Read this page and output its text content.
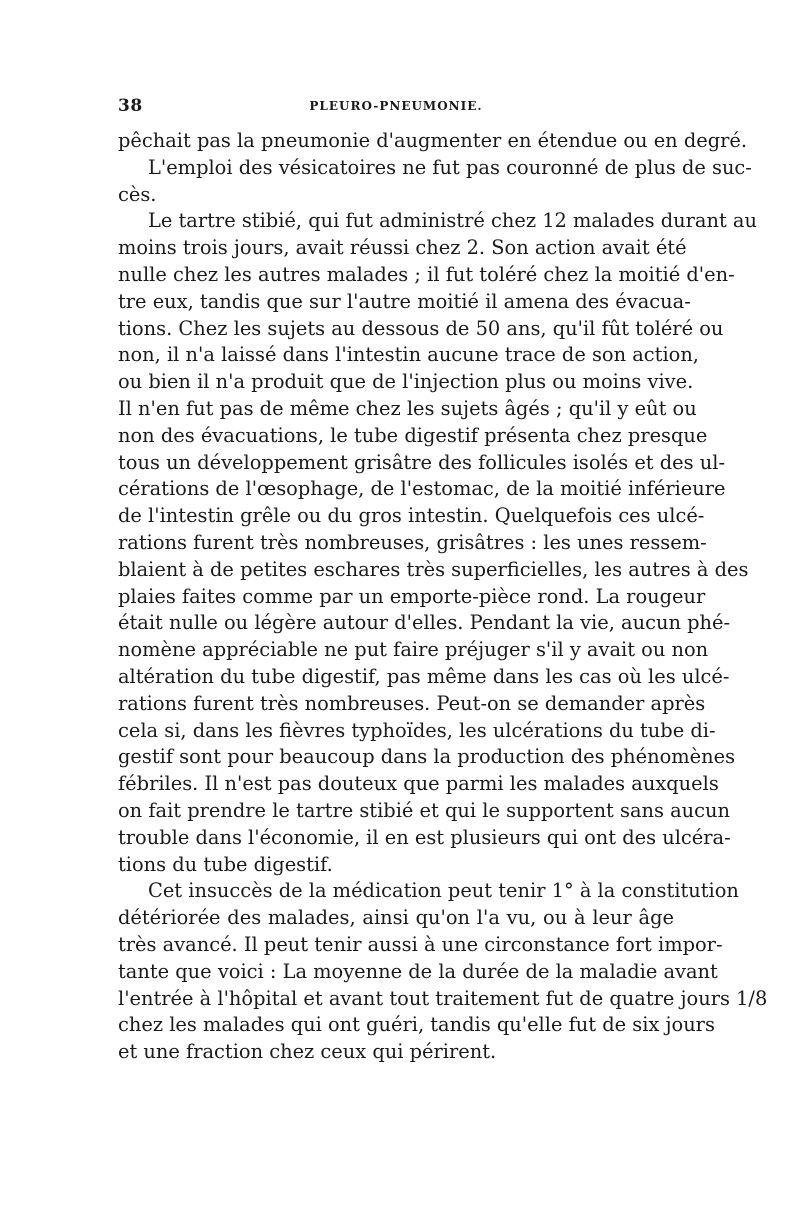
38	PLEURO-PNEUMONIE.
pêchait pas la pneumonie d'augmenter en étendue ou en degré.
L'emploi des vésicatoires ne fut pas couronné de plus de suc-
cès.
Le tartre stibié, qui fut administré chez 12 malades durant au
moins trois jours, avait réussi chez 2. Son action avait été
nulle chez les autres malades ; il fut toléré chez la moitié d'en-
tre eux, tandis que sur l'autre moitié il amena des évacua-
tions. Chez les sujets au dessous de 50 ans, qu'il fût toléré ou
non, il n'a laissé dans l'intestin aucune trace de son action,
ou bien il n'a produit que de l'injection plus ou moins vive.
Il n'en fut pas de même chez les sujets âgés ; qu'il y eût ou
non des évacuations, le tube digestif présenta chez presque
tous un développement grisâtre des follicules isolés et des ul-
cérations de l'œsophage, de l'estomac, de la moitié inférieure
de l'intestin grêle ou du gros intestin. Quelquefois ces ulcé-
rations furent très nombreuses, grisâtres : les unes ressem-
blaient à de petites eschares très superficielles, les autres à des
plaies faites comme par un emporte-pièce rond. La rougeur
était nulle ou légère autour d'elles. Pendant la vie, aucun phé-
nomène appréciable ne put faire préjuger s'il y avait ou non
altération du tube digestif, pas même dans les cas où les ulcé-
rations furent très nombreuses. Peut-on se demander après
cela si, dans les fièvres typhoïdes, les ulcérations du tube di-
gestif sont pour beaucoup dans la production des phénomènes
fébriles. Il n'est pas douteux que parmi les malades auxquels
on fait prendre le tartre stibié et qui le supportent sans aucun
trouble dans l'économie, il en est plusieurs qui ont des ulcéra-
tions du tube digestif.
Cet insuccès de la médication peut tenir 1° à la constitution
détériorée des malades, ainsi qu'on l'a vu, ou à leur âge
très avancé. Il peut tenir aussi à une circonstance fort impor-
tante que voici : La moyenne de la durée de la maladie avant
l'entrée à l'hôpital et avant tout traitement fut de quatre jours 1/8
chez les malades qui ont guéri, tandis qu'elle fut de six jours
et une fraction chez ceux qui périrent.
